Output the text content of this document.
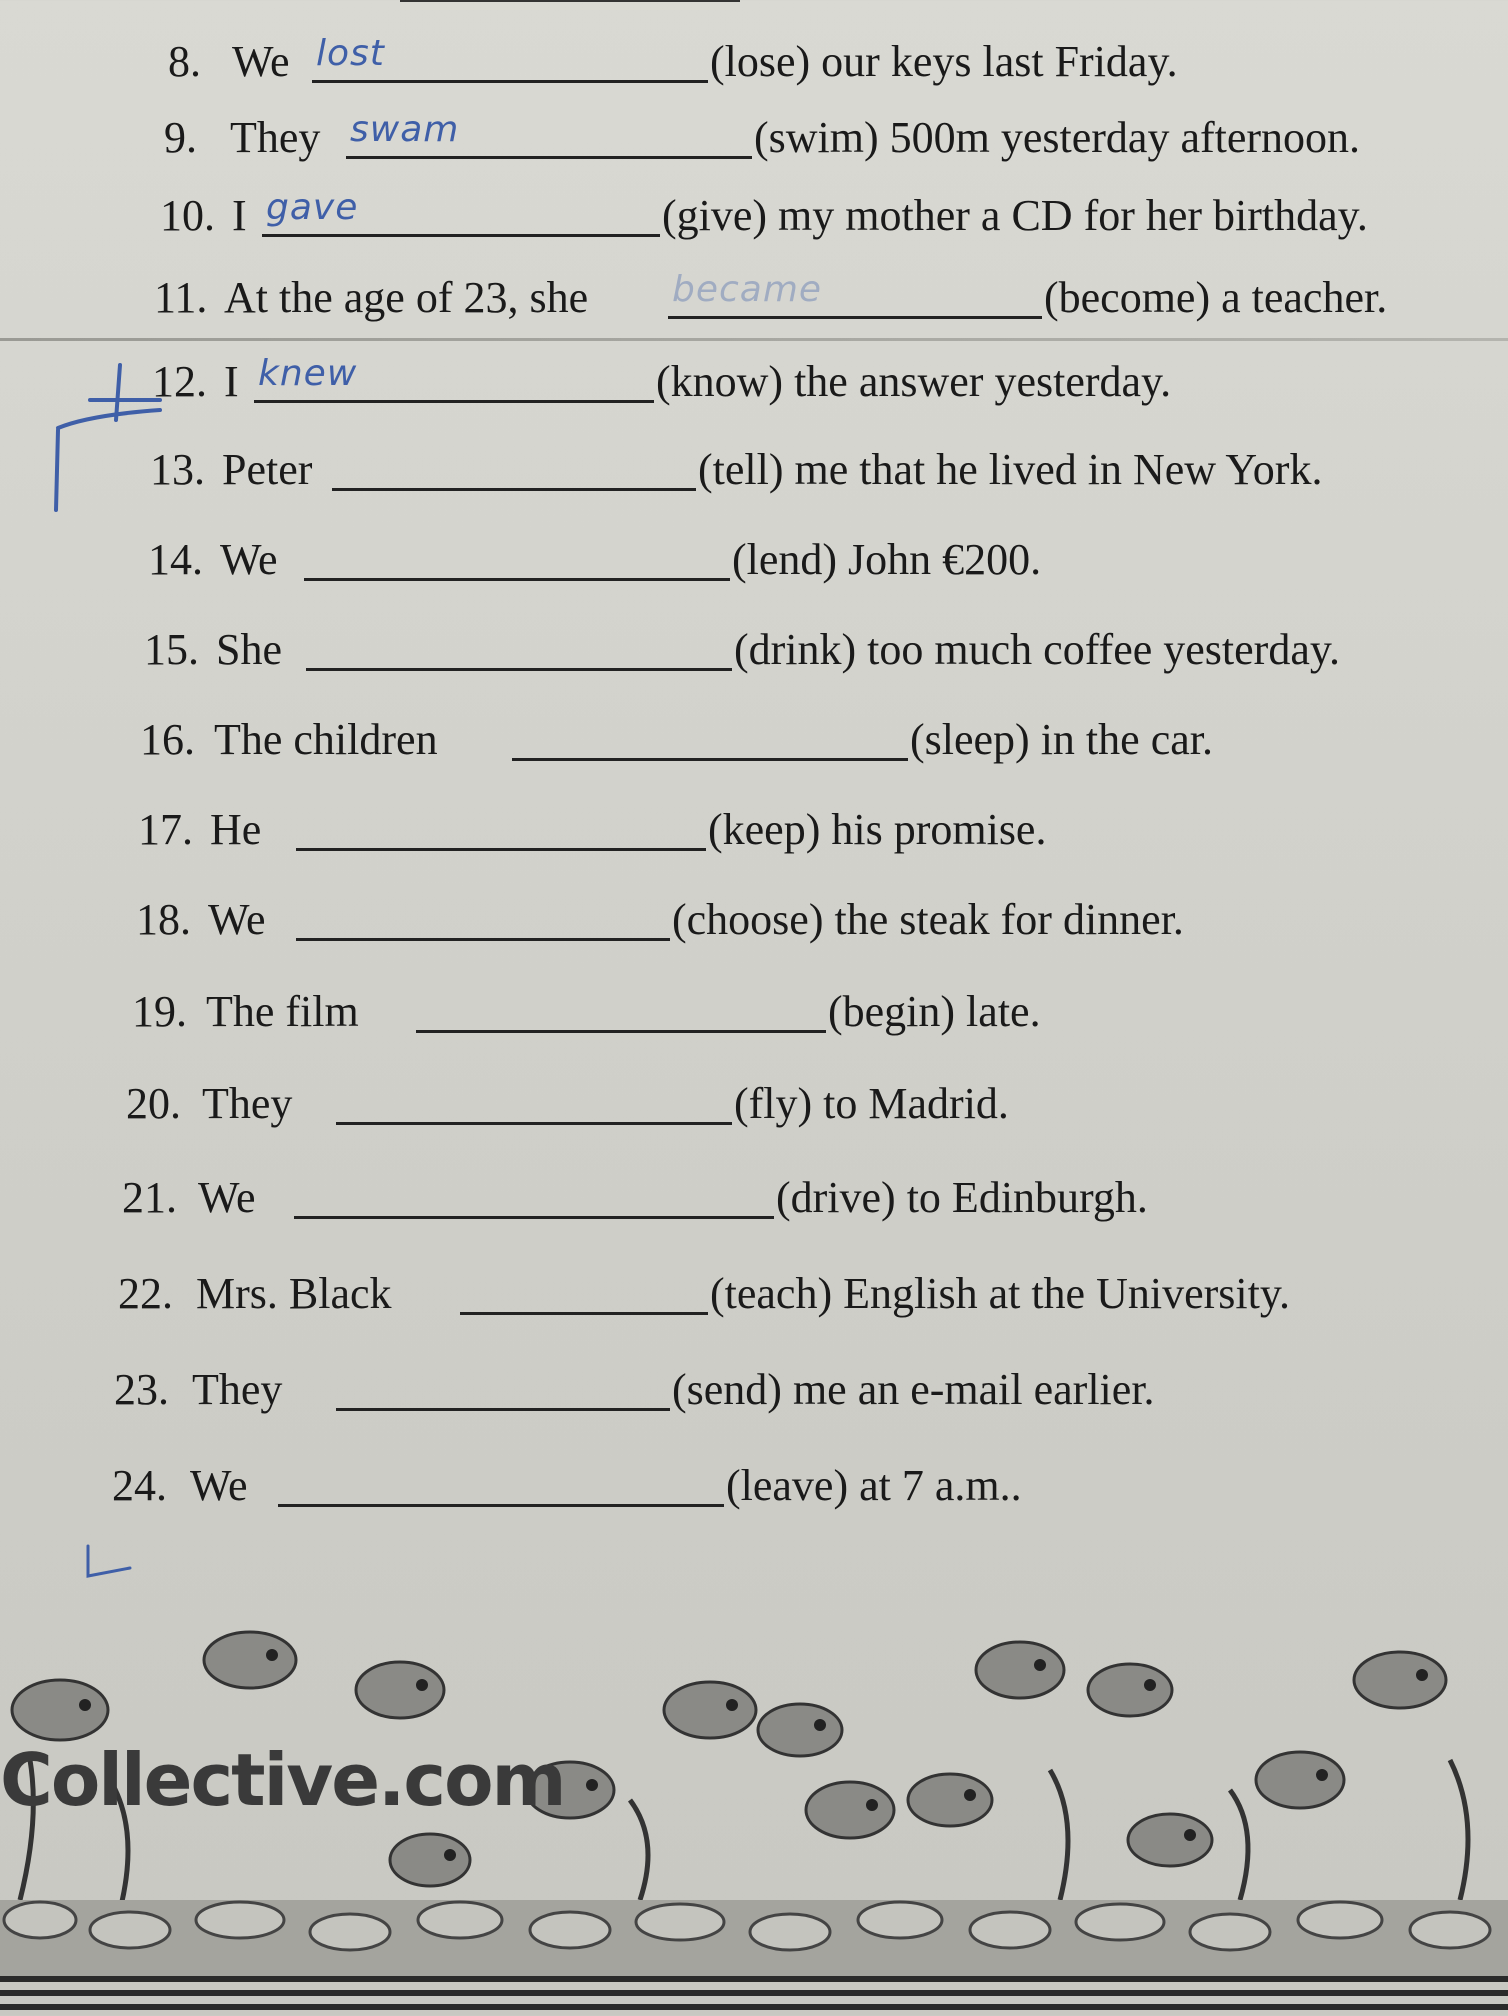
8. We lost	(lose) our keys last Friday.
9. They swam	(swim) 500m yesterday afternoon.
10. I gave	(give) my mother a CD for her birthday.
11. At the age of 23, she became	(become) a teacher.
12. I knew	(know) the answer yesterday.
13. Peter	(tell) me that he lived in New York.
14. We	(lend) John €200.
15. She	(drink) too much coffee yesterday.
16. The children	(sleep) in the car.
17. He	(keep) his promise.
18. We	(choose) the steak for dinner.
19. The film	(begin) late.
20. They	(fly) to Madrid.
21. We	(drive) to Edinburgh.
22. Mrs. Black	(teach) English at the University.
23. They	(send) me an e-mail earlier.
24. We	(leave) at 7 a.m..
Collective.com
